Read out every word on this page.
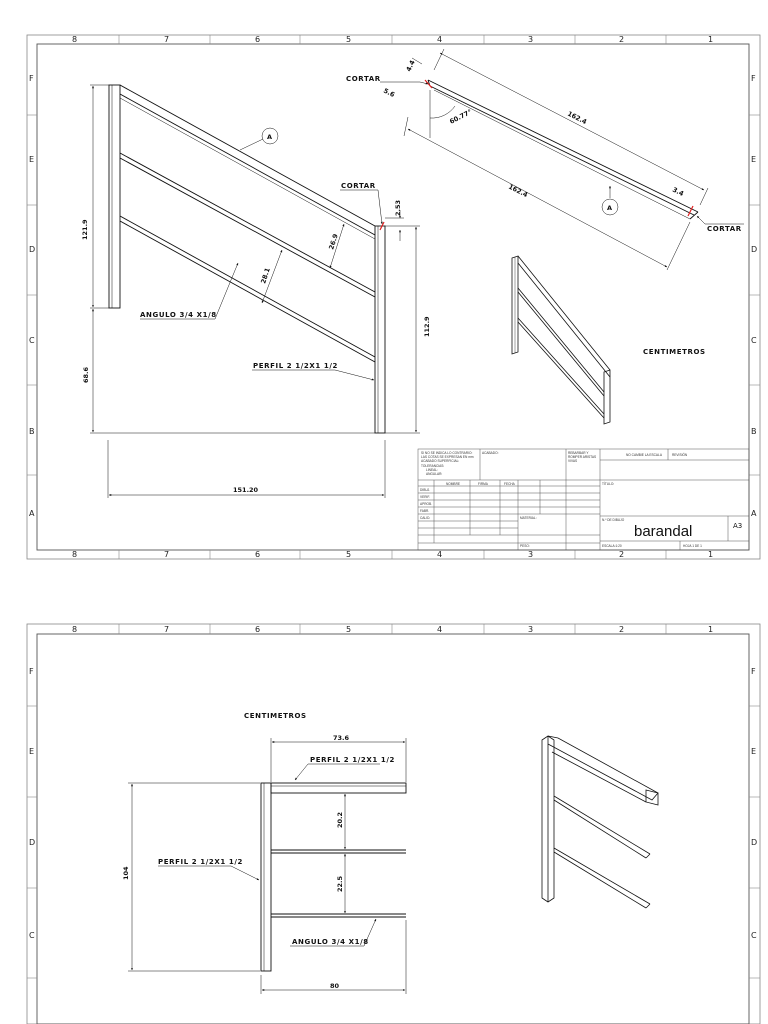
8	7	6	5	4	3	2	1
8	7	6	5	4	3	2	1
F
E
D
C
B
A
F
E
D
C
B
A
121.9
68.6
112.9
151.20
2.53
26.9
28.1
CORTAR
ANGULO 3/4 X1/8
PERFIL 2 1/2X1 1/2
A
CORTAR
CORTAR
162.4
162.4
60.77°
4.4
5.6
3.4
A
CENTIMETROS
SI NO SE INDICA LO CONTRARIO:
LAS COTAS SE EXPRESAN EN mm
ACABADO SUPERFICIAL:
TOLERANCIAS:
LINEAL:
ANGULAR:
ACABADO:	REBARBAR Y
ROMPER ARISTAS
VIVAS
NO CAMBIE LA ESCALA	REVISIÓN
NOMBRE	FIRMA	FECHA
DIBUJ.
VERIF.
APROB.
FABR.
CALID.
TÍTULO:
MATERIAL:	N.º DE DIBUJO
barandal	A3
PESO:	ESCALA:1:20	HOJA 1 DE 1
8	7	6	5	4	3	2	1
F
E
D
C
F
E
D
C
CENTIMETROS
73.6
104
20.2
22.5
80
PERFIL 2 1/2X1 1/2
PERFIL 2 1/2X1 1/2
ANGULO 3/4 X1/8
